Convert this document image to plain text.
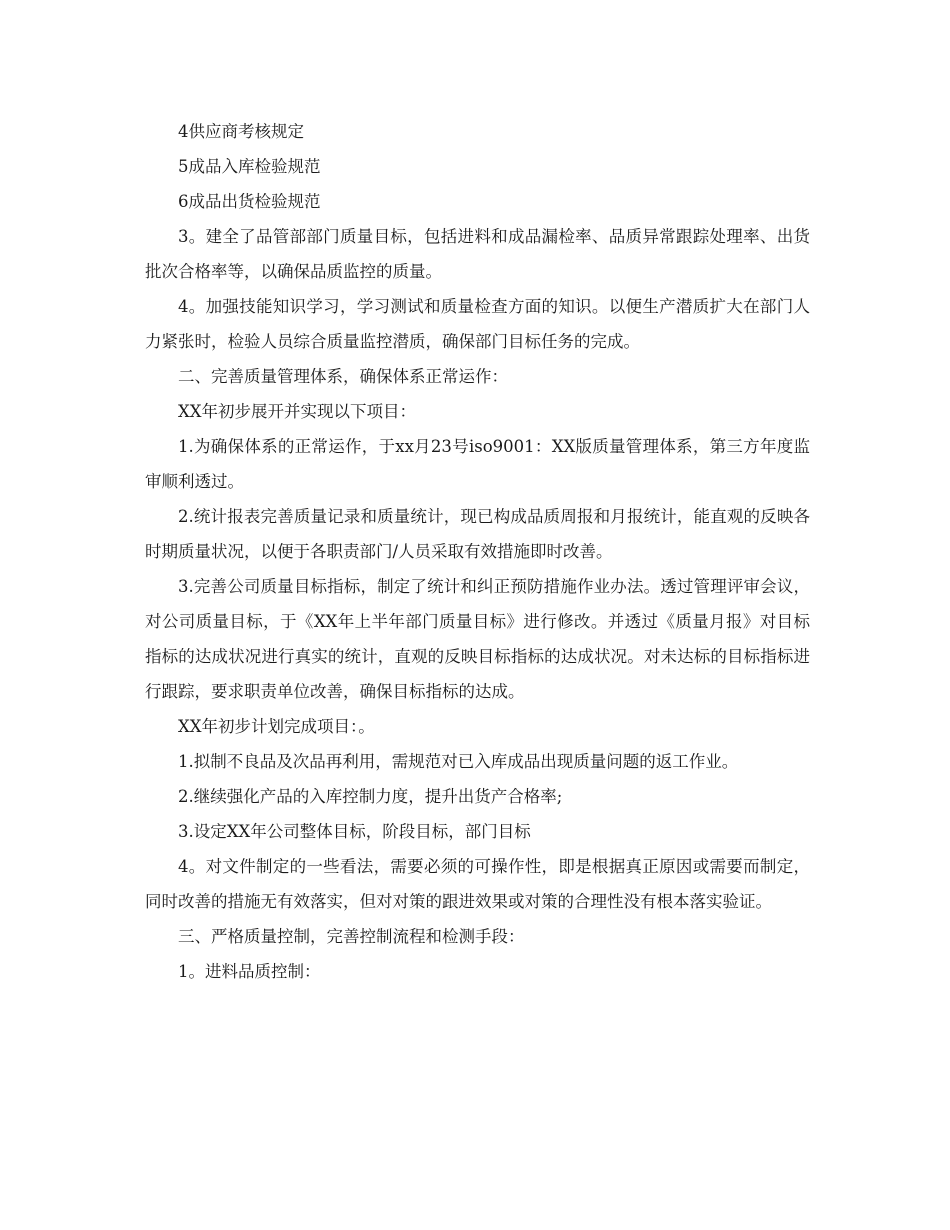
4供应商考核规定

5成品入库检验规范

6成品出货检验规范

3。建全了品管部部门质量目标，包括进料和成品漏检率、品质异常跟踪处理率、出货批次合格率等，以确保品质监控的质量。

4。加强技能知识学习，学习测试和质量检查方面的知识。以便生产潜质扩大在部门人力紧张时，检验人员综合质量监控潜质，确保部门目标任务的完成。

二、完善质量管理体系，确保体系正常运作：

XX年初步展开并实现以下项目：

1.为确保体系的正常运作，于xx月23号iso9001：XX版质量管理体系，第三方年度监审顺利透过。

2.统计报表完善质量记录和质量统计，现已构成品质周报和月报统计，能直观的反映各时期质量状况，以便于各职责部门/人员采取有效措施即时改善。

3.完善公司质量目标指标，制定了统计和纠正预防措施作业办法。透过管理评审会议，对公司质量目标，于《XX年上半年部门质量目标》进行修改。并透过《质量月报》对目标指标的达成状况进行真实的统计，直观的反映目标指标的达成状况。对未达标的目标指标进行跟踪，要求职责单位改善，确保目标指标的达成。

XX年初步计划完成项目：。

1.拟制不良品及次品再利用，需规范对已入库成品出现质量问题的返工作业。

2.继续强化产品的入库控制力度，提升出货产合格率;

3.设定XX年公司整体目标，阶段目标，部门目标

4。对文件制定的一些看法，需要必须的可操作性，即是根据真正原因或需要而制定，同时改善的措施无有效落实，但对对策的跟进效果或对策的合理性没有根本落实验证。

三、严格质量控制，完善控制流程和检测手段：

1。进料品质控制：
